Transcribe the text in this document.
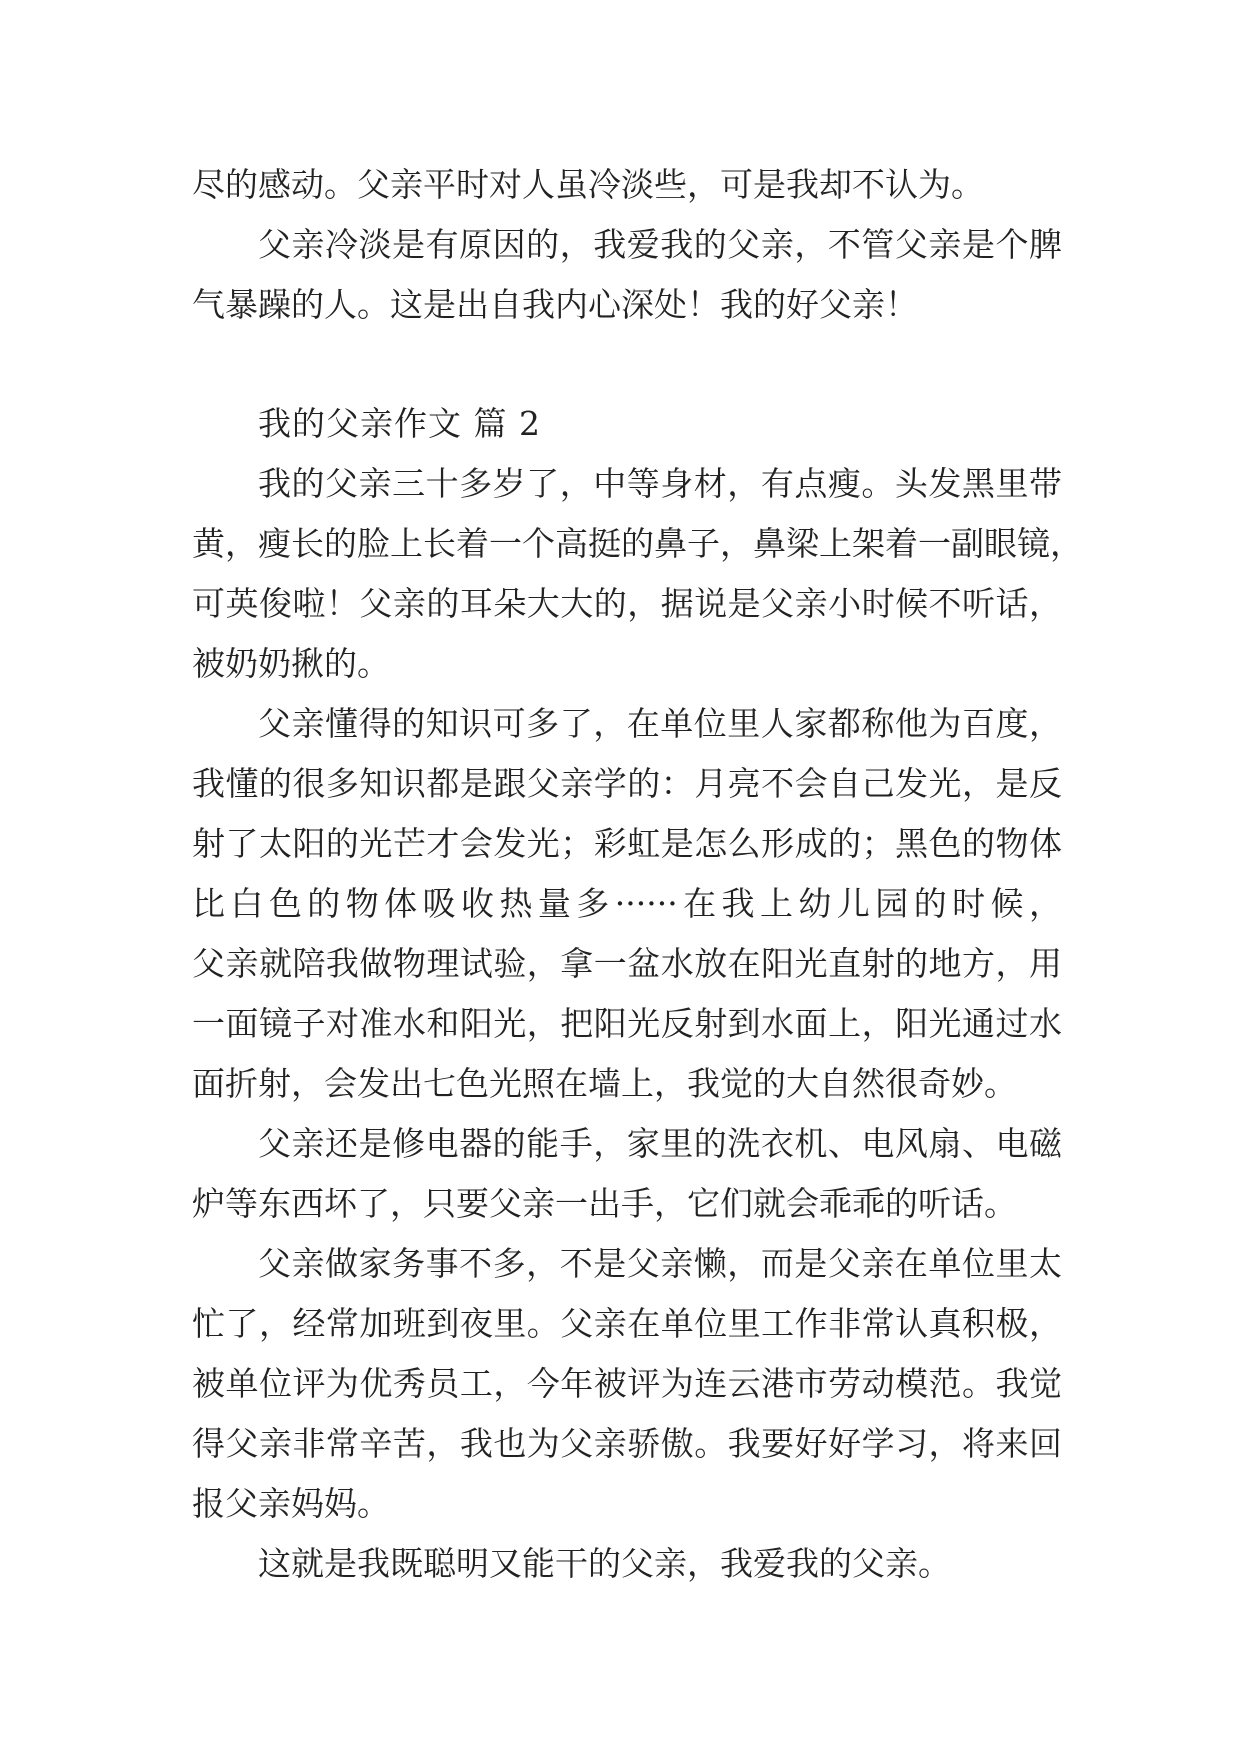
尽的感动。父亲平时对人虽冷淡些，可是我却不认为。

父亲冷淡是有原因的，我爱我的父亲，不管父亲是个脾

气暴躁的人。这是出自我内心深处！我的好父亲！

我的父亲作文 篇 2

我的父亲三十多岁了，中等身材，有点瘦。头发黑里带

黄，瘦长的脸上长着一个高挺的鼻子，鼻梁上架着一副眼镜，

可英俊啦！父亲的耳朵大大的，据说是父亲小时候不听话，

被奶奶揪的。

父亲懂得的知识可多了，在单位里人家都称他为百度，

我懂的很多知识都是跟父亲学的：月亮不会自己发光，是反

射了太阳的光芒才会发光；彩虹是怎么形成的；黑色的物体

比白色的物体吸收热量多······在我上幼儿园的时候，

父亲就陪我做物理试验，拿一盆水放在阳光直射的地方，用

一面镜子对准水和阳光，把阳光反射到水面上，阳光通过水

面折射，会发出七色光照在墙上，我觉的大自然很奇妙。

父亲还是修电器的能手，家里的洗衣机、电风扇、电磁

炉等东西坏了，只要父亲一出手，它们就会乖乖的听话。

父亲做家务事不多，不是父亲懒，而是父亲在单位里太

忙了，经常加班到夜里。父亲在单位里工作非常认真积极，

被单位评为优秀员工，今年被评为连云港市劳动模范。我觉

得父亲非常辛苦，我也为父亲骄傲。我要好好学习，将来回

报父亲妈妈。

这就是我既聪明又能干的父亲，我爱我的父亲。
